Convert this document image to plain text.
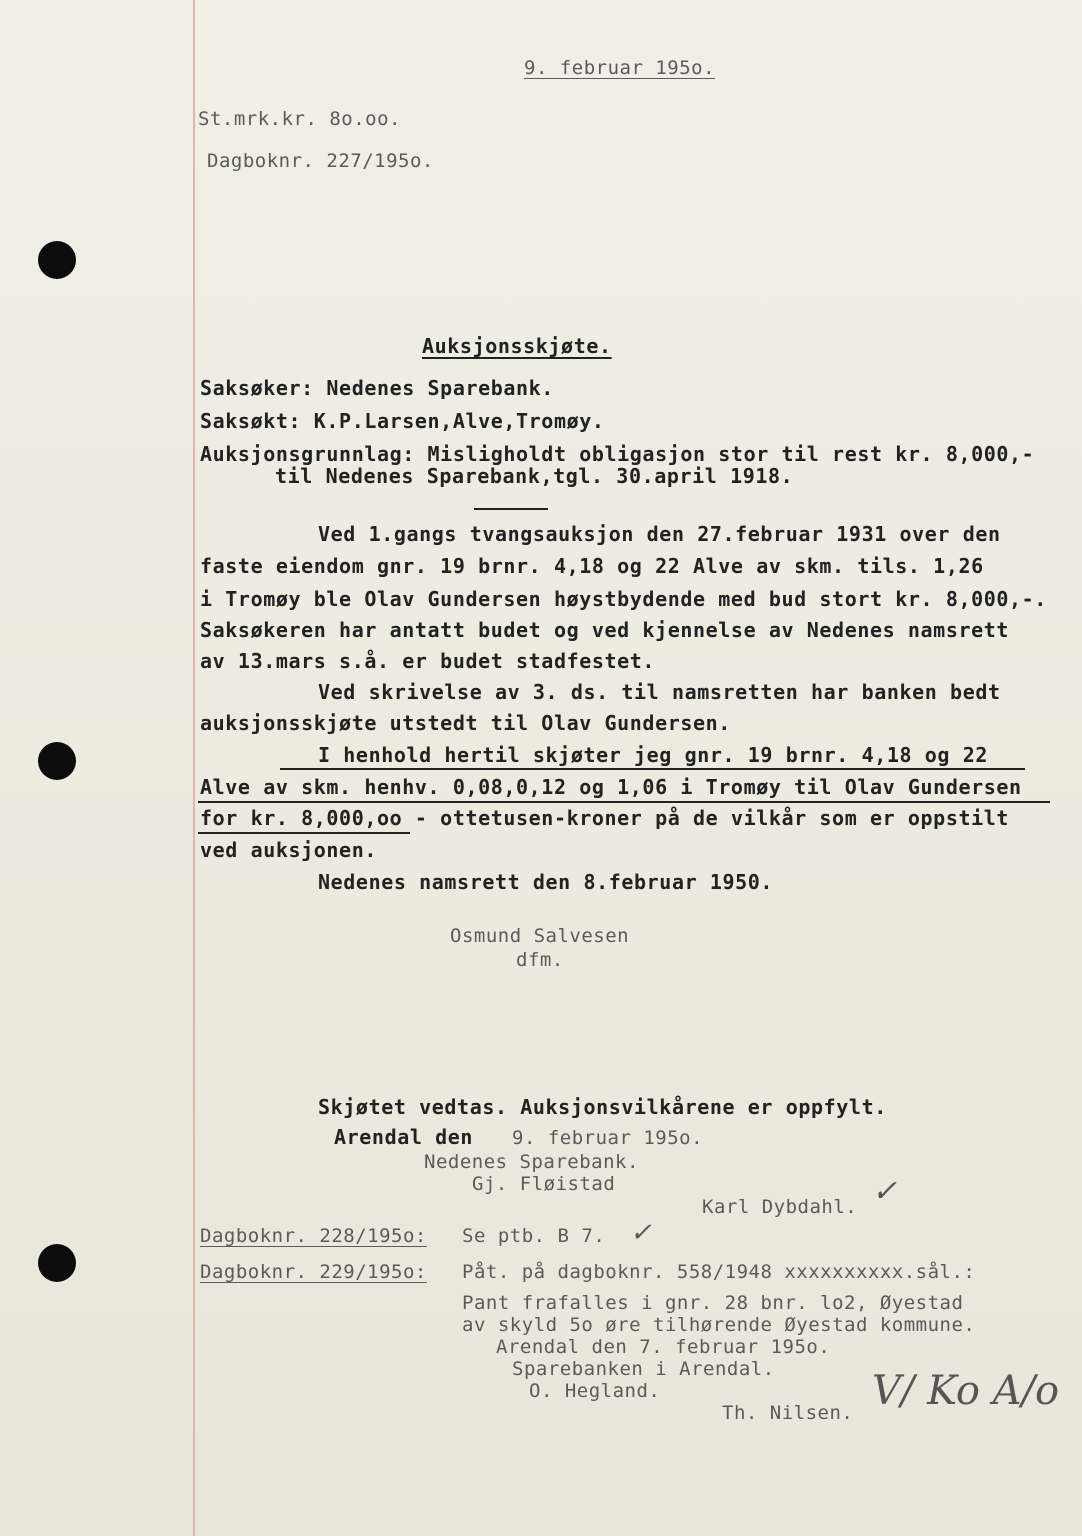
9. februar 195o.
St.mrk.kr. 8o.oo.
Dagboknr. 227/195o.
Auksjonsskjøte.
Saksøker: Nedenes Sparebank.
Saksøkt: K.P.Larsen,Alve,Tromøy.
Auksjonsgrunnlag: Misligholdt obligasjon stor til rest kr. 8,000,-
til Nedenes Sparebank,tgl. 30.april 1918.
Ved 1.gangs tvangsauksjon den 27.februar 1931 over den
faste eiendom gnr. 19 brnr. 4,18 og 22 Alve av skm. tils. 1,26
i Tromøy ble Olav Gundersen høystbydende med bud stort kr. 8,000,-.
Saksøkeren har antatt budet og ved kjennelse av Nedenes namsrett
av 13.mars s.å. er budet stadfestet.
Ved skrivelse av 3. ds. til namsretten har banken bedt
auksjonsskjøte utstedt til Olav Gundersen.
I henhold hertil skjøter jeg gnr. 19 brnr. 4,18 og 22
Alve av skm. henhv. 0,08,0,12 og 1,06 i Tromøy til Olav Gundersen
for kr. 8,000,oo - ottetusen-kroner på de vilkår som er oppstilt
ved auksjonen.
Nedenes namsrett den 8.februar 1950.
Osmund Salvesen
dfm.
Skjøtet vedtas. Auksjonsvilkårene er oppfylt.
Arendal den 9. februar 195o.
Nedenes Sparebank.
Gj. Fløistad
Karl Dybdahl. ✓
Dagboknr. 228/195o: Se ptb. B 7. ✓
Dagboknr. 229/195o: Påt. på dagboknr. 558/1948 xxxxxxxxxx.sål.:
Pant frafalles i gnr. 28 bnr. lo2, Øyestad
av skyld 5o øre tilhørende Øyestad kommune.
Arendal den 7. februar 195o.
Sparebanken i Arendal.
O. Hegland.
Th. Nilsen. V/ Ko A/o
